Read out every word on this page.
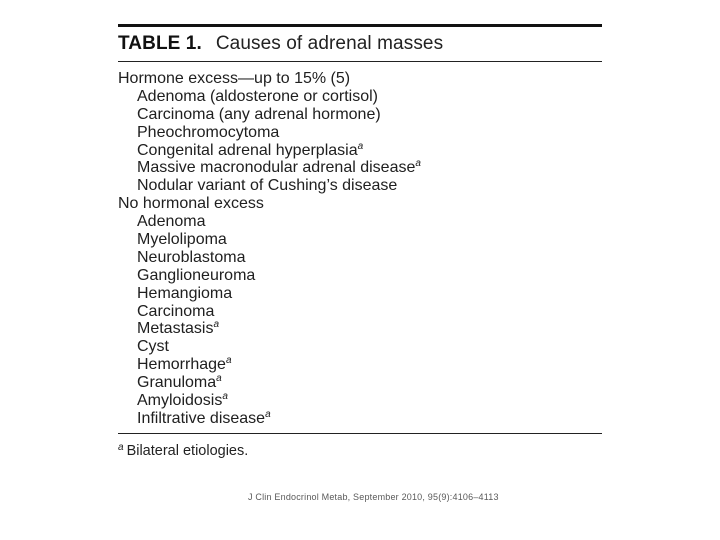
TABLE 1. Causes of adrenal masses
Hormone excess—up to 15% (5)
Adenoma (aldosterone or cortisol)
Carcinoma (any adrenal hormone)
Pheochromocytoma
Congenital adrenal hyperplasia$^a$
Massive macronodular adrenal disease$^a$
Nodular variant of Cushing’s disease
No hormonal excess
Adenoma
Myelolipoma
Neuroblastoma
Ganglioneuroma
Hemangioma
Carcinoma
Metastasis$^a$
Cyst
Hemorrhage$^a$
Granuloma$^a$
Amyloidosis$^a$
Infiltrative disease$^a$
$^a$ Bilateral etiologies.
J Clin Endocrinol Metab, September 2010, 95(9):4106–4113
